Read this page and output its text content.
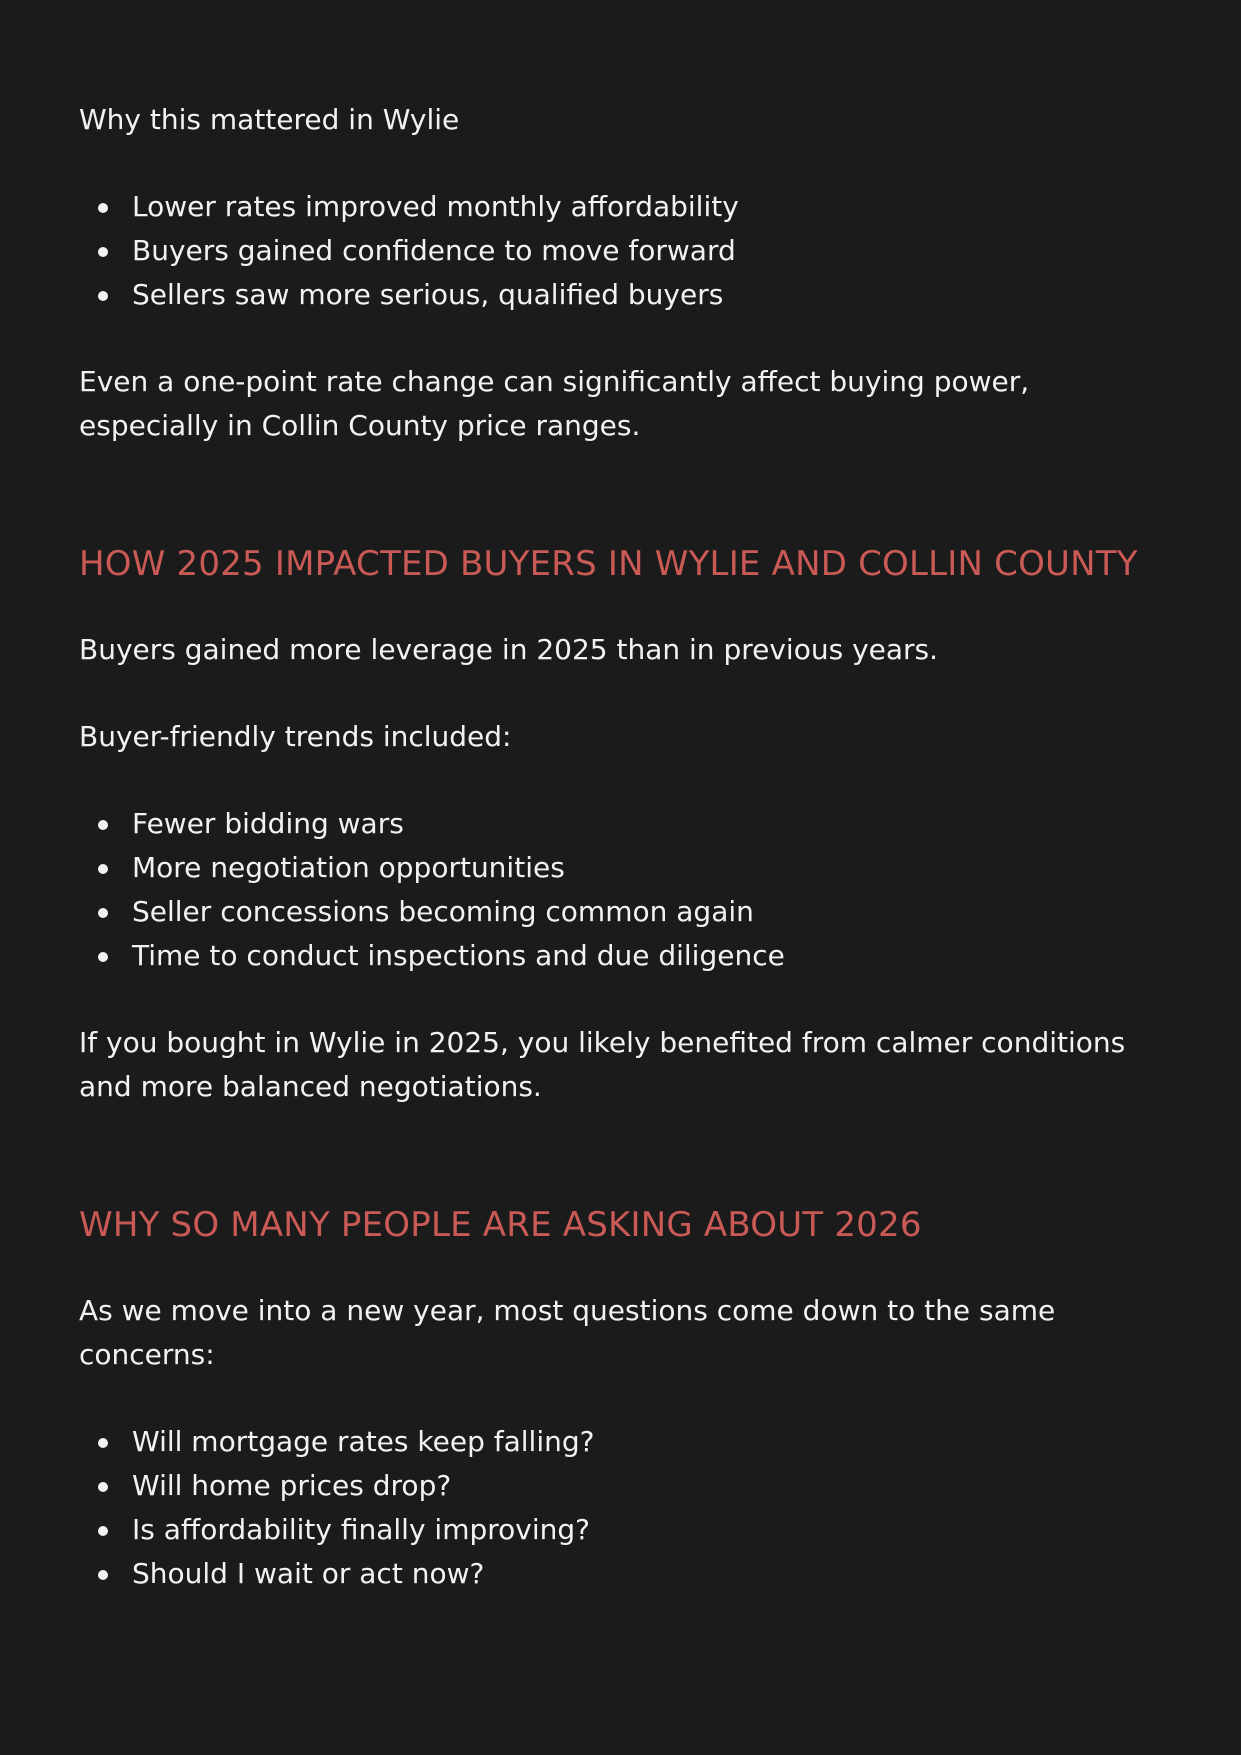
Why this mattered in Wylie

Lower rates improved monthly affordability
Buyers gained confidence to move forward
Sellers saw more serious, qualified buyers

Even a one-point rate change can significantly affect buying power, especially in Collin County price ranges.

HOW 2025 IMPACTED BUYERS IN WYLIE AND COLLIN COUNTY

Buyers gained more leverage in 2025 than in previous years.

Buyer-friendly trends included:

Fewer bidding wars
More negotiation opportunities
Seller concessions becoming common again
Time to conduct inspections and due diligence

If you bought in Wylie in 2025, you likely benefited from calmer conditions and more balanced negotiations.

WHY SO MANY PEOPLE ARE ASKING ABOUT 2026

As we move into a new year, most questions come down to the same concerns:

Will mortgage rates keep falling?
Will home prices drop?
Is affordability finally improving?
Should I wait or act now?
